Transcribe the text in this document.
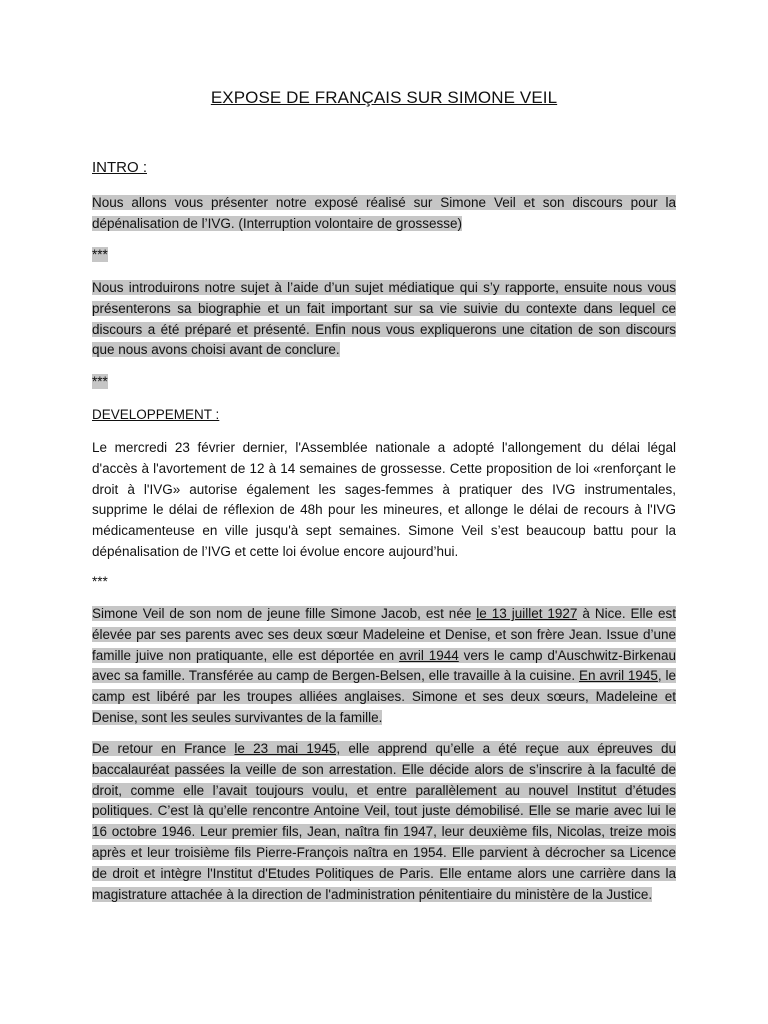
EXPOSE DE FRANÇAIS SUR SIMONE VEIL
INTRO :
Nous allons vous présenter notre exposé réalisé sur Simone Veil et son discours pour la dépénalisation de l’IVG. (Interruption volontaire de grossesse)
***
Nous introduirons notre sujet à l’aide d’un sujet médiatique qui s’y rapporte, ensuite nous vous présenterons sa biographie et un fait important sur sa vie suivie du contexte dans lequel ce discours a été préparé et présenté. Enfin nous vous expliquerons une citation de son discours que nous avons choisi avant de conclure.
***
DEVELOPPEMENT :
Le mercredi 23 février dernier, l'Assemblée nationale a adopté l'allongement du délai légal d'accès à l'avortement de 12 à 14 semaines de grossesse. Cette proposition de loi «renforçant le droit à l'IVG» autorise également les sages-femmes à pratiquer des IVG instrumentales, supprime le délai de réflexion de 48h pour les mineures, et allonge le délai de recours à l'IVG médicamenteuse en ville jusqu'à sept semaines. Simone Veil s’est beaucoup battu pour la dépénalisation de l’IVG et cette loi évolue encore aujourd’hui.
***
Simone Veil de son nom de jeune fille Simone Jacob, est née le 13 juillet 1927 à Nice. Elle est élevée par ses parents avec ses deux sœur Madeleine et Denise, et son frère Jean. Issue d’une famille juive non pratiquante, elle est déportée en avril 1944 vers le camp d'Auschwitz-Birkenau avec sa famille. Transférée au camp de Bergen-Belsen, elle travaille à la cuisine. En avril 1945, le camp est libéré par les troupes alliées anglaises. Simone et ses deux sœurs, Madeleine et Denise, sont les seules survivantes de la famille.
De retour en France le 23 mai 1945, elle apprend qu’elle a été reçue aux épreuves du baccalauréat passées la veille de son arrestation. Elle décide alors de s’inscrire à la faculté de droit, comme elle l’avait toujours voulu, et entre parallèlement au nouvel Institut d’études politiques. C’est là qu’elle rencontre Antoine Veil, tout juste démobilisé. Elle se marie avec lui le 16 octobre 1946. Leur premier fils, Jean, naîtra fin 1947, leur deuxième fils, Nicolas, treize mois après et leur troisième fils Pierre-François naîtra en 1954. Elle parvient à décrocher sa Licence de droit et intègre l'Institut d'Etudes Politiques de Paris. Elle entame alors une carrière dans la magistrature attachée à la direction de l'administration pénitentiaire du ministère de la Justice.
